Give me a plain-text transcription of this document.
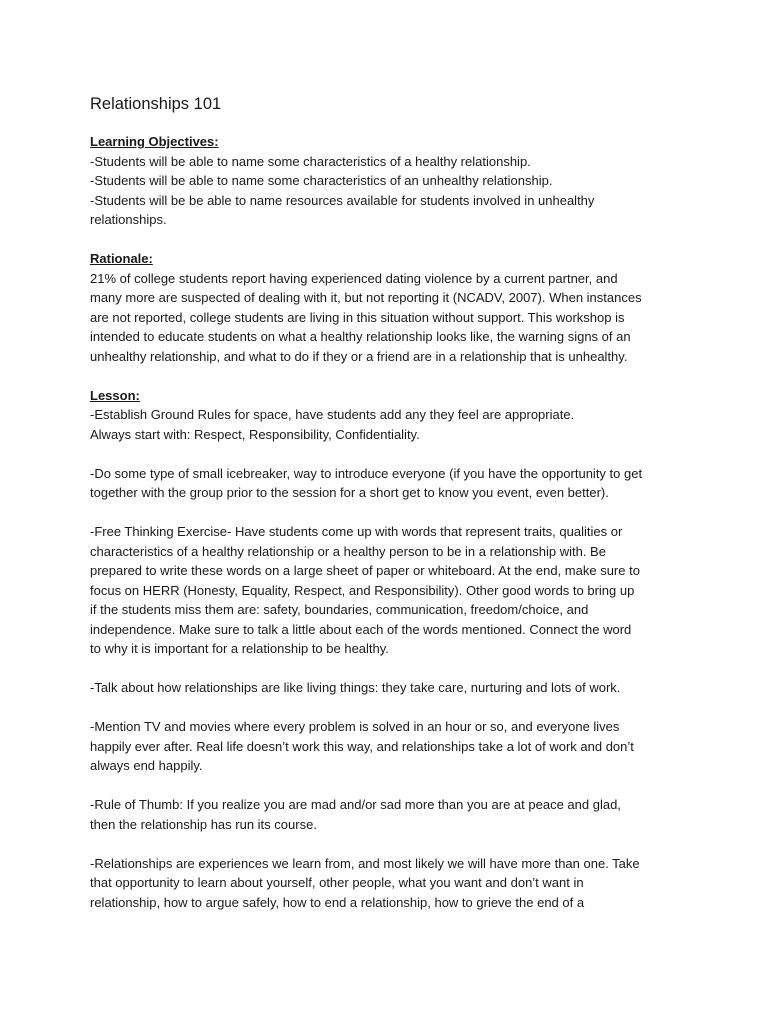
Relationships 101
Learning Objectives:
-Students will be able to name some characteristics of a healthy relationship.
-Students will be able to name some characteristics of an unhealthy relationship.
-Students will be be able to name resources available for students involved in unhealthy
relationships.
Rationale:
21% of college students report having experienced dating violence by a current partner, and
many more are suspected of dealing with it, but not reporting it (NCADV, 2007). When instances
are not reported, college students are living in this situation without support. This workshop is
intended to educate students on what a healthy relationship looks like, the warning signs of an
unhealthy relationship, and what to do if they or a friend are in a relationship that is unhealthy.
Lesson:
-Establish Ground Rules for space, have students add any they feel are appropriate.
Always start with: Respect, Responsibility, Confidentiality.
-Do some type of small icebreaker, way to introduce everyone (if you have the opportunity to get
together with the group prior to the session for a short get to know you event, even better).
-Free Thinking Exercise- Have students come up with words that represent traits, qualities or
characteristics of a healthy relationship or a healthy person to be in a relationship with. Be
prepared to write these words on a large sheet of paper or whiteboard. At the end, make sure to
focus on HERR (Honesty, Equality, Respect, and Responsibility). Other good words to bring up
if the students miss them are: safety, boundaries, communication, freedom/choice, and
independence. Make sure to talk a little about each of the words mentioned. Connect the word
to why it is important for a relationship to be healthy.
-Talk about how relationships are like living things: they take care, nurturing and lots of work.
-Mention TV and movies where every problem is solved in an hour or so, and everyone lives
happily ever after. Real life doesn’t work this way, and relationships take a lot of work and don’t
always end happily.
-Rule of Thumb: If you realize you are mad and/or sad more than you are at peace and glad,
then the relationship has run its course.
-Relationships are experiences we learn from, and most likely we will have more than one. Take
that opportunity to learn about yourself, other people, what you want and don’t want in
relationship, how to argue safely, how to end a relationship, how to grieve the end of a
